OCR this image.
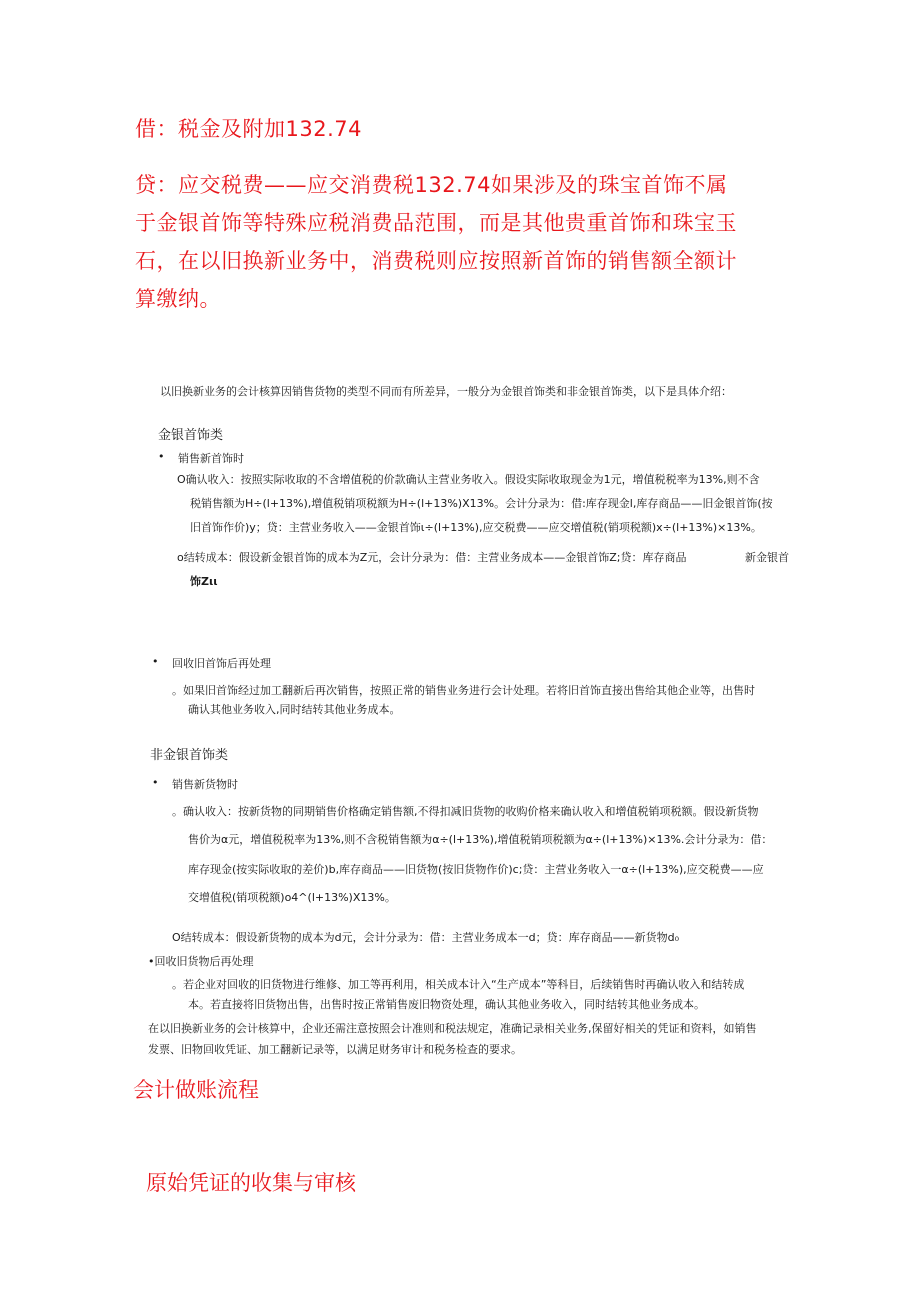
借：税金及附加132.74
贷：应交税费——应交消费税132.74如果涉及的珠宝首饰不属
于金银首饰等特殊应税消费品范围，而是其他贵重首饰和珠宝玉
石，在以旧换新业务中，消费税则应按照新首饰的销售额全额计
算缴纳。
以旧换新业务的会计核算因销售货物的类型不同而有所差异，一般分为金银首饰类和非金银首饰类，以下是具体介绍：
金银首饰类
• 销售新首饰时
O确认收入：按照实际收取的不含增值税的价款确认主营业务收入。假设实际收取现金为1元，增值税税率为13%,则不含
税销售额为H÷(l+13%),增值税销项税额为H÷(l+13%)X13%。会计分录为：借:库存现金l,库存商品——旧金银首饰(按
旧首饰作价)y；贷：主营业务收入——金银首饰ι÷(l+13%),应交税费——应交增值税(销项税额)x÷(l+13%)×13%。
o结转成本：假设新金银首饰的成本为Z元，会计分录为：借：主营业务成本——金银首饰Z;贷：库存商品	新金银首
饰Zιι
• 回收旧首饰后再处理
。如果旧首饰经过加工翻新后再次销售，按照正常的销售业务进行会计处理。若将旧首饰直接出售给其他企业等，出售时
确认其他业务收入,同时结转其他业务成本。
非金银首饰类
• 销售新货物时
。确认收入：按新货物的同期销售价格确定销售额,不得扣减旧货物的收购价格来确认收入和增值税销项税额。假设新货物
售价为α元，增值税税率为13%,则不含税销售额为α÷(l+13%),增值税销项税额为α÷(l+13%)×13%.会计分录为：借：
库存现金(按实际收取的差价)b,库存商品——旧货物(按旧货物作价)c;贷：主营业务收入一α÷(l+13%),应交税费——应
交增值税(销项税额)o4^(l+13%)X13%。
O结转成本：假设新货物的成本为d元，会计分录为：借：主营业务成本一d；贷：库存商品——新货物d₀
•回收旧货物后再处理
。若企业对回收的旧货物进行维修、加工等再利用，相关成本计入“生产成本”等科目，后续销售时再确认收入和结转成
本。若直接将旧货物出售，出售时按正常销售废旧物资处理，确认其他业务收入，同时结转其他业务成本。
在以旧换新业务的会计核算中，企业还需注意按照会计准则和税法规定，准确记录相关业务,保留好相关的凭证和资料，如销售
发票、旧物回收凭证、加工翻新记录等，以满足财务审计和税务检查的要求。
会计做账流程
原始凭证的收集与审核
